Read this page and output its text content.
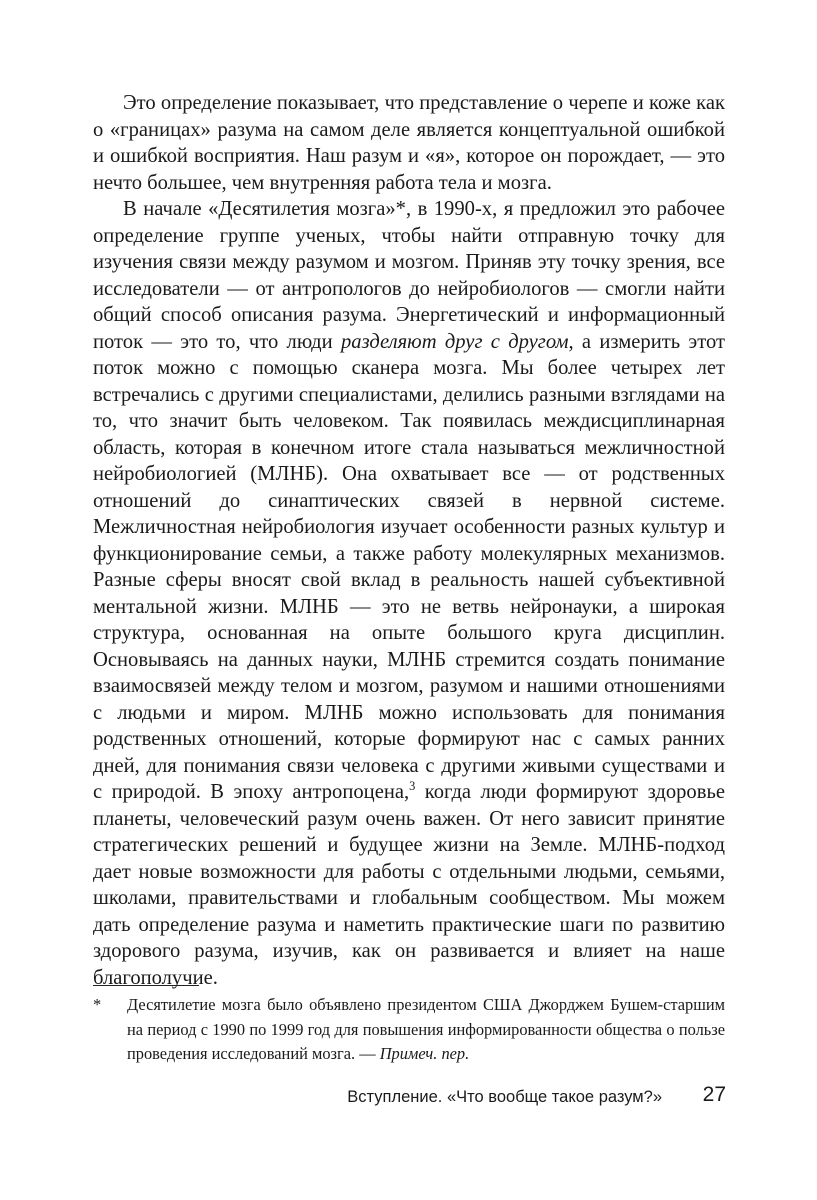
Это определение показывает, что представление о черепе и коже как о «границах» разума на самом деле является концептуальной ошибкой и ошибкой восприятия. Наш разум и «я», которое он порождает, — это нечто большее, чем внутренняя работа тела и мозга.

В начале «Десятилетия мозга»*, в 1990-х, я предложил это рабочее определение группе ученых, чтобы найти отправную точку для изучения связи между разумом и мозгом. Приняв эту точку зрения, все исследователи — от антропологов до нейробиологов — смогли найти общий способ описания разума. Энергетический и информационный поток — это то, что люди разделяют друг с другом, а измерить этот поток можно с помощью сканера мозга. Мы более четырех лет встречались с другими специалистами, делились разными взглядами на то, что значит быть человеком. Так появилась междисциплинарная область, которая в конечном итоге стала называться межличностной нейробиологией (МЛНБ). Она охватывает все — от родственных отношений до синаптических связей в нервной системе. Межличностная нейробиология изучает особенности разных культур и функционирование семьи, а также работу молекулярных механизмов. Разные сферы вносят свой вклад в реальность нашей субъективной ментальной жизни. МЛНБ — это не ветвь нейронауки, а широкая структура, основанная на опыте большого круга дисциплин. Основываясь на данных науки, МЛНБ стремится создать понимание взаимосвязей между телом и мозгом, разумом и нашими отношениями с людьми и миром. МЛНБ можно использовать для понимания родственных отношений, которые формируют нас с самых ранних дней, для понимания связи человека с другими живыми существами и с природой. В эпоху антропоцена,$^3$ когда люди формируют здоровье планеты, человеческий разум очень важен. От него зависит принятие стратегических решений и будущее жизни на Земле. МЛНБ-подход дает новые возможности для работы с отдельными людьми, семьями, школами, правительствами и глобальным сообществом. Мы можем дать определение разума и наметить практические шаги по развитию здорового разума, изучив, как он развивается и влияет на наше благополучие.

*	Десятилетие мозга было объявлено президентом США Джорджем Бушем-старшим на период с 1990 по 1999 год для повышения информированности общества о пользе проведения исследований мозга. — Примеч. пер.
Вступление. «Что вообще такое разум?»	27
